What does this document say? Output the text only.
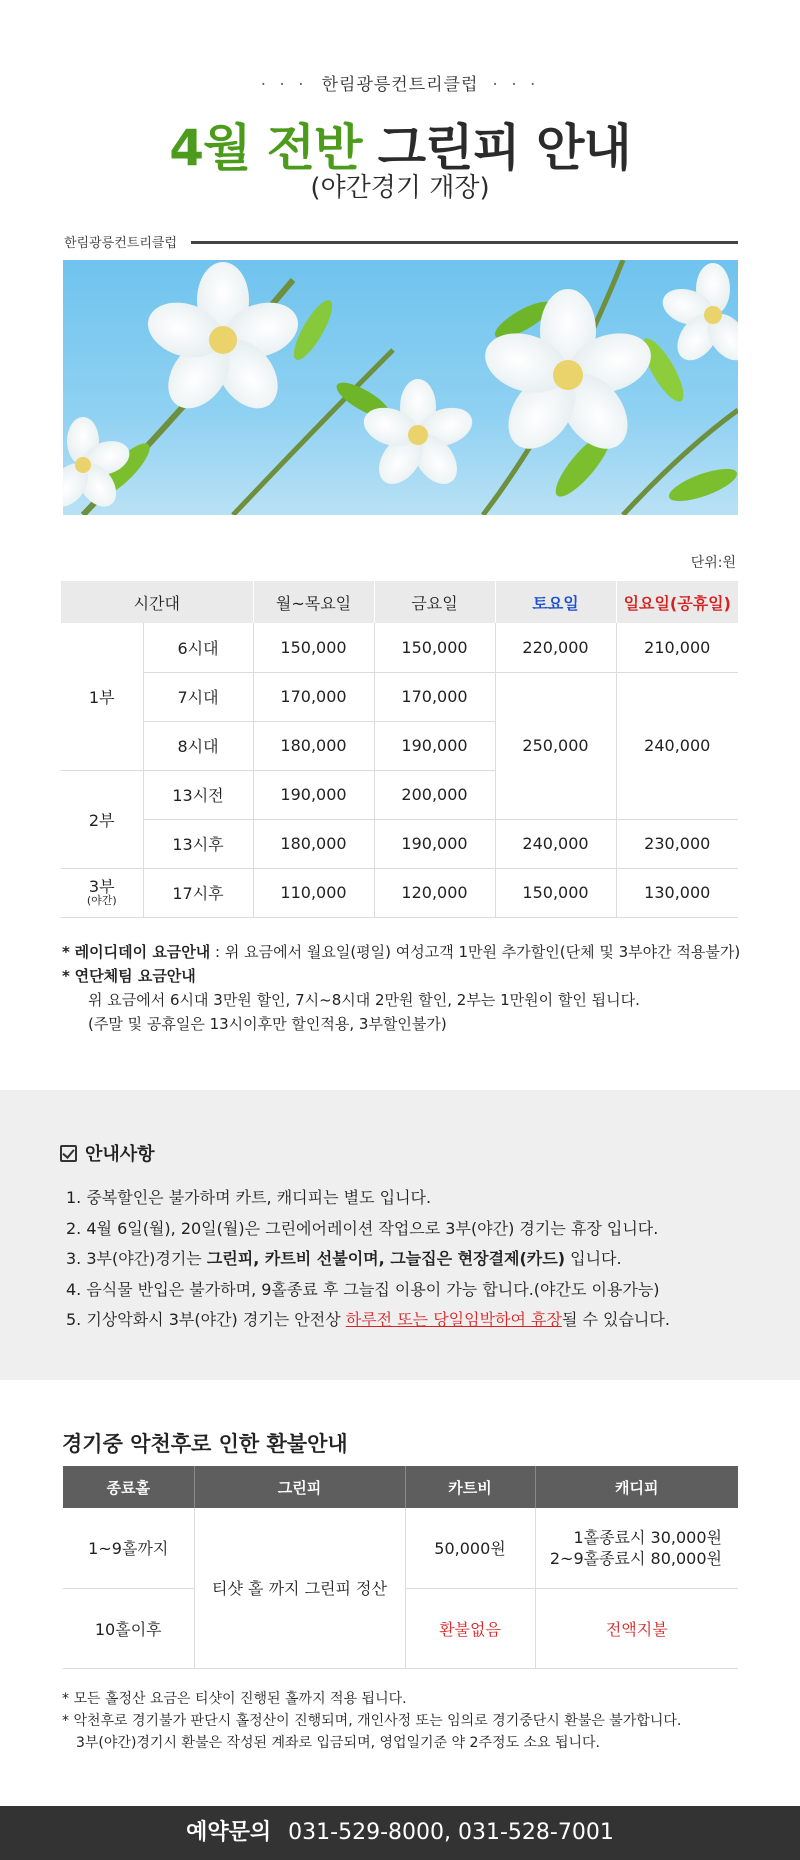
· · · 한림광릉컨트리클럽 · · ·
4월 전반 그린피 안내
(야간경기 개장)
한림광릉컨트리클럽
단위:원
시간대		월~목요일	금요일	토요일	일요일(공휴일)
1부	6시대	150,000	150,000	220,000	210,000
	7시대	170,000	170,000	250,000	240,000
	8시대	180,000	190,000		
2부	13시전	190,000	200,000		
	13시후	180,000	190,000	240,000	230,000
3부
(야간)	17시후	110,000	120,000	150,000	130,000
* 레이디데이 요금안내 : 위 요금에서 월요일(평일) 여성고객 1만원 추가할인(단체 및 3부야간 적용불가)
* 연단체팀 요금안내
위 요금에서 6시대 3만원 할인, 7시~8시대 2만원 할인, 2부는 1만원이 할인 됩니다.
(주말 및 공휴일은 13시이후만 할인적용, 3부할인불가)
안내사항
1. 중복할인은 불가하며 카트, 캐디피는 별도 입니다.
2. 4월 6일(월), 20일(월)은 그린에어레이션 작업으로 3부(야간) 경기는 휴장 입니다.
3. 3부(야간)경기는 그린피, 카트비 선불이며, 그늘집은 현장결제(카드) 입니다.
4. 음식물 반입은 불가하며, 9홀종료 후 그늘집 이용이 가능 합니다.(야간도 이용가능)
5. 기상악화시 3부(야간) 경기는 안전상 하루전 또는 당일임박하여 휴장될 수 있습니다.
경기중 악천후로 인한 환불안내
종료홀	그린피	카트비	캐디피
1~9홀까지	티샷 홀 까지 그린피 정산	50,000원	1홀종료시 30,000원
2~9홀종료시 80,000원

10홀이후		환불없음	전액지불
* 모든 홀정산 요금은 티샷이 진행된 홀까지 적용 됩니다.
* 악천후로 경기불가 판단시 홀정산이 진행되며, 개인사정 또는 임의로 경기중단시 환불은 불가합니다.
3부(야간)경기시 환불은 작성된 계좌로 입금되며, 영업일기준 약 2주정도 소요 됩니다.
예약문의 031-529-8000, 031-528-7001
